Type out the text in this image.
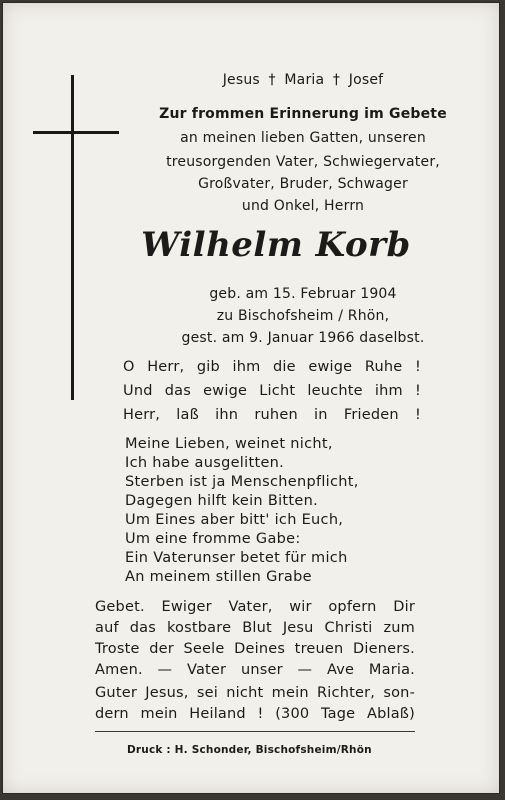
Jesus † Maria † Josef
Zur frommen Erinnerung im Gebete
an meinen lieben Gatten, unseren
treusorgenden Vater, Schwiegervater,
Großvater, Bruder, Schwager
und Onkel, Herrn
Wilhelm Korb
geb. am 15. Februar 1904
zu Bischofsheim / Rhön,
gest. am 9. Januar 1966 daselbst.
O Herr, gib ihm die ewige Ruhe !
Und das ewige Licht leuchte ihm !
Herr, laß ihn ruhen in Frieden !
Meine Lieben, weinet nicht,
Ich habe ausgelitten.
Sterben ist ja Menschenpflicht,
Dagegen hilft kein Bitten.
Um Eines aber bitt' ich Euch,
Um eine fromme Gabe:
Ein Vaterunser betet für mich
An meinem stillen Grabe
Gebet. Ewiger Vater, wir opfern Dir
auf das kostbare Blut Jesu Christi zum
Troste der Seele Deines treuen Dieners.
Amen. — Vater unser — Ave Maria.
Guter Jesus, sei nicht mein Richter, son-
dern mein Heiland ! (300 Tage Ablaß)
Druck : H. Schonder, Bischofsheim/Rhön
